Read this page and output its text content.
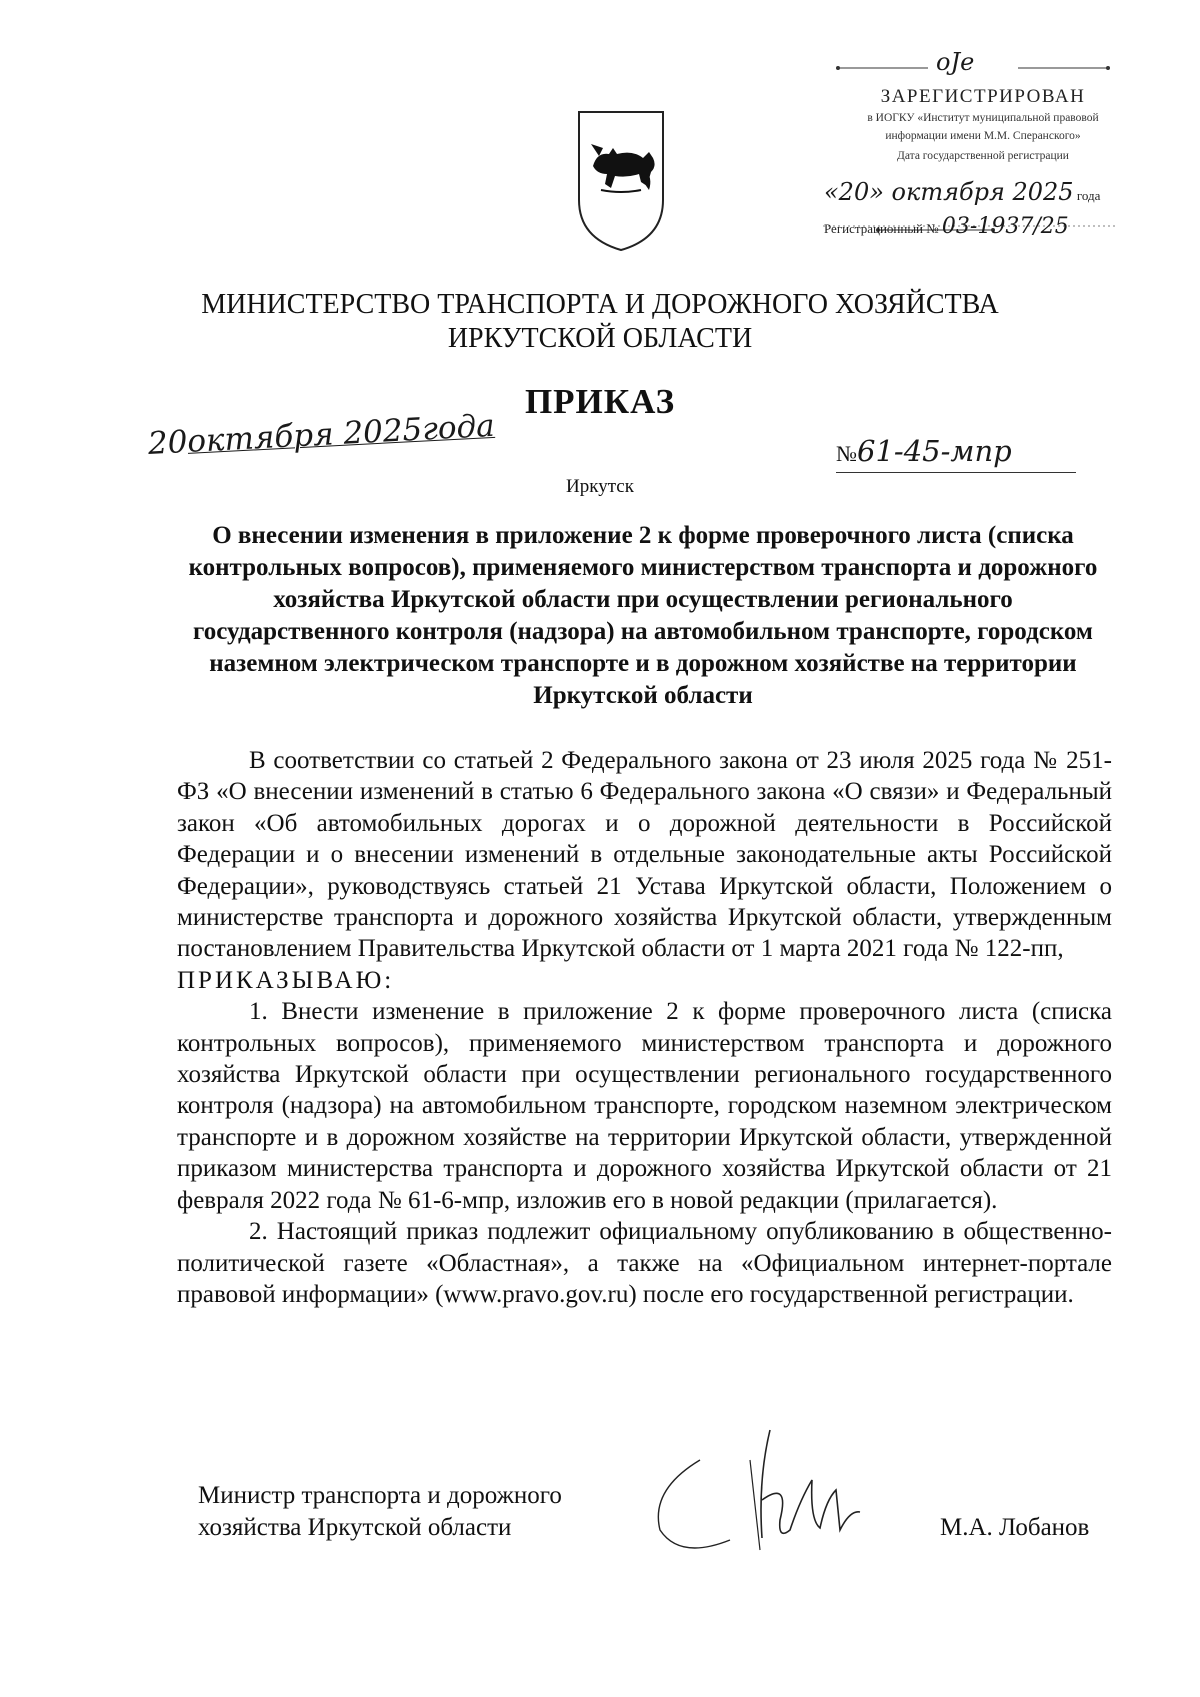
oJe
ЗАРЕГИСТРИРОВАН
в ИОГКУ «Институт муниципальной правовой
информации имени М.М. Сперанского»
Дата государственной регистрации
«20» октября 2025 года
Регистрационный № 03-1937/25
МИНИСТЕРСТВО ТРАНСПОРТА И ДОРОЖНОГО ХОЗЯЙСТВА
ИРКУТСКОЙ ОБЛАСТИ
ПРИКАЗ
20октября 2025года	№61-45-мпр
Иркутск
О внесении изменения в приложение 2 к форме проверочного листа (списка контрольных вопросов), применяемого министерством транспорта и дорожного хозяйства Иркутской области при осуществлении регионального государственного контроля (надзора) на автомобильном транспорте, городском наземном электрическом транспорте и в дорожном хозяйстве на территории Иркутской области

В соответствии со статьей 2 Федерального закона от 23 июля 2025 года № 251-ФЗ «О внесении изменений в статью 6 Федерального закона «О связи» и Федеральный закон «Об автомобильных дорогах и о дорожной деятельности в Российской Федерации и о внесении изменений в отдельные законодательные акты Российской Федерации», руководствуясь статьей 21 Устава Иркутской области, Положением о министерстве транспорта и дорожного хозяйства Иркутской области, утвержденным постановлением Правительства Иркутской области от 1 марта 2021 года № 122-пп,

ПРИКАЗЫВАЮ:

1. Внести изменение в приложение 2 к форме проверочного листа (списка контрольных вопросов), применяемого министерством транспорта и дорожного хозяйства Иркутской области при осуществлении регионального государственного контроля (надзора) на автомобильном транспорте, городском наземном электрическом транспорте и в дорожном хозяйстве на территории Иркутской области, утвержденной приказом министерства транспорта и дорожного хозяйства Иркутской области от 21 февраля 2022 года № 61-6-мпр, изложив его в новой редакции (прилагается).

2. Настоящий приказ подлежит официальному опубликованию в общественно-политической газете «Областная», а также на «Официальном интернет-портале правовой информации» (www.pravo.gov.ru) после его государственной регистрации.

Министр транспорта и дорожного
хозяйства Иркутской области	М.А. Лобанов
